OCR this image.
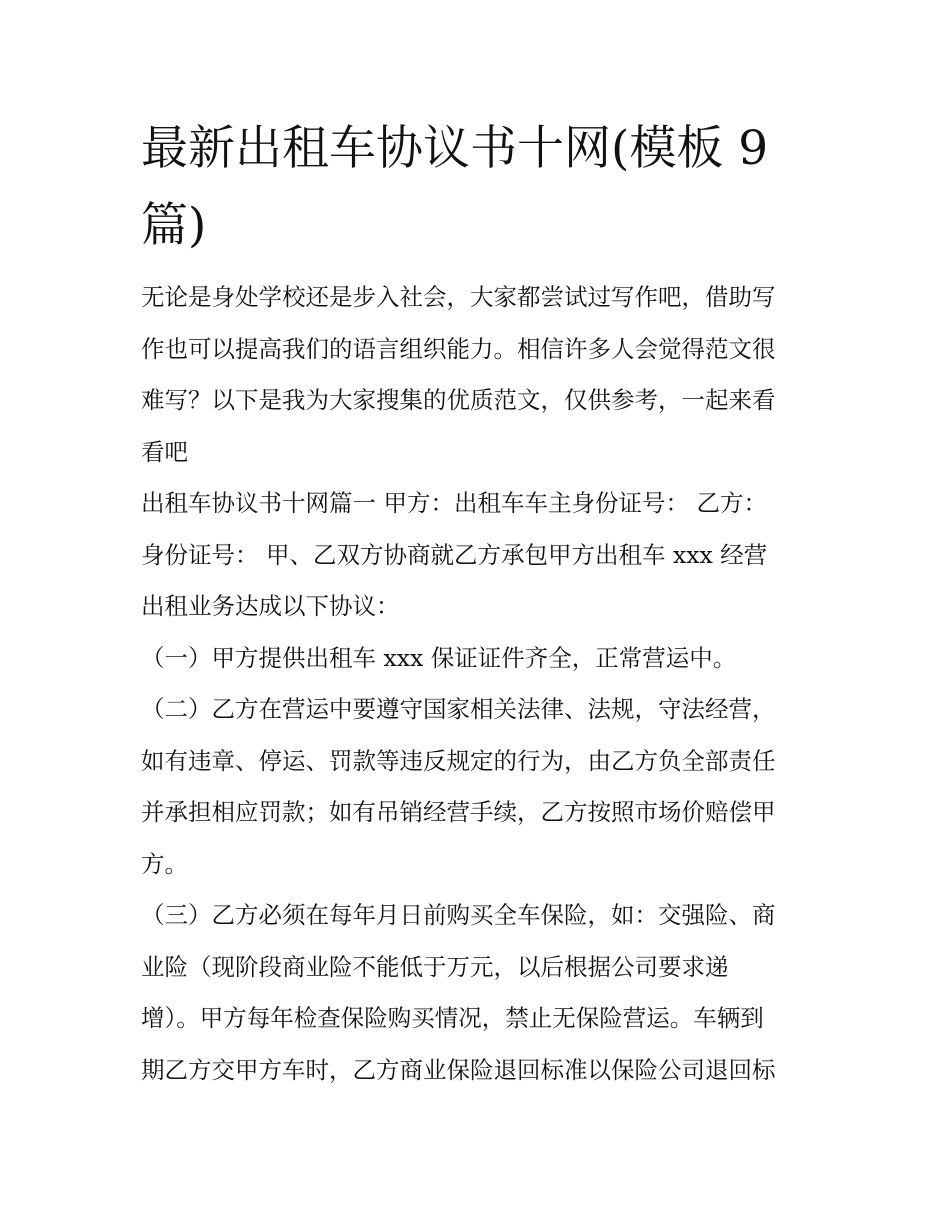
最新出租车协议书十网(模板 9
篇)
无论是身处学校还是步入社会，大家都尝试过写作吧，借助写
作也可以提高我们的语言组织能力。相信许多人会觉得范文很
难写？以下是我为大家搜集的优质范文，仅供参考，一起来看
看吧
出租车协议书十网篇一 甲方：出租车车主身份证号： 乙方：
身份证号： 甲、乙双方协商就乙方承包甲方出租车 xxx 经营
出租业务达成以下协议：
（一）甲方提供出租车 xxx 保证证件齐全，正常营运中。
（二）乙方在营运中要遵守国家相关法律、法规，守法经营，
如有违章、停运、罚款等违反规定的行为，由乙方负全部责任
并承担相应罚款；如有吊销经营手续，乙方按照市场价赔偿甲
方。
（三）乙方必须在每年月日前购买全车保险，如：交强险、商
业险（现阶段商业险不能低于万元，以后根据公司要求递
增）。甲方每年检查保险购买情况，禁止无保险营运。车辆到
期乙方交甲方车时，乙方商业保险退回标准以保险公司退回标
